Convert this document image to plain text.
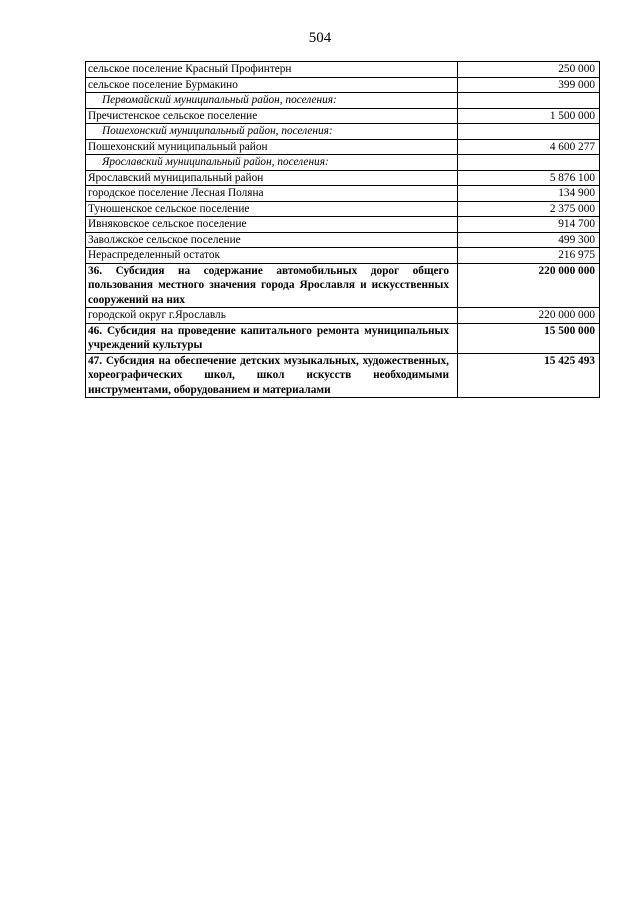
504
сельское поселение Красный Профинтерн	250 000
сельское поселение Бурмакино	399 000
Первомайский муниципальный район, поселения:	
Пречистенское сельское поселение	1 500 000
Пошехонский муниципальный район, поселения:	
Пошехонский муниципальный район	4 600 277
Ярославский муниципальный район, поселения:	
Ярославский муниципальный район	5 876 100
городское поселение Лесная Поляна	134 900
Туношенское сельское поселение	2 375 000
Ивняковское сельское поселение	914 700
Заволжское сельское поселение	499 300
Нераспределенный остаток	216 975
36. Субсидия на содержание автомобильных дорог общего пользования местного значения города Ярославля и искусственных сооружений на них	220 000 000
городской округ г.Ярославль	220 000 000
46. Субсидия на проведение капитального ремонта муниципальных учреждений культуры	15 500 000
47. Субсидия на обеспечение детских музыкальных, художественных, хореографических школ, школ искусств необходимыми инструментами, оборудованием и материалами	15 425 493
